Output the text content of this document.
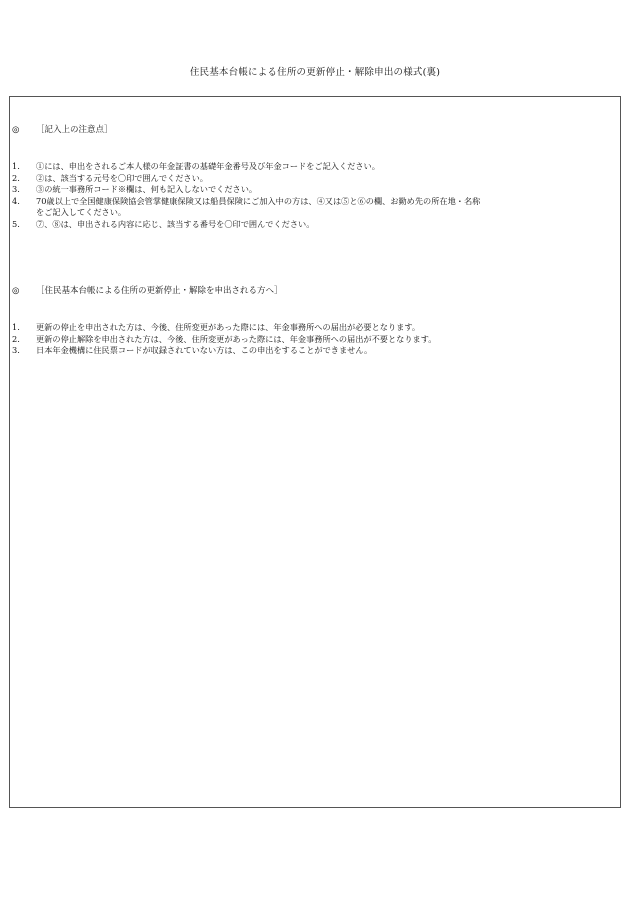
住民基本台帳による住所の更新停止・解除申出の様式(裏)
◎ ［記入上の注意点］
1.	①には、申出をされるご本人様の年金証書の基礎年金番号及び年金コードをご記入ください。
2.	②は、該当する元号を〇印で囲んでください。
3.	③の統一事務所コード※欄は、何も記入しないでください。
4.	70歳以上で全国健康保険協会管掌健康保険又は船員保険にご加入中の方は、④又は⑤と⑥の欄、お勤め先の所在地・名称
をご記入してください。
5.	⑦、⑧は、申出される内容に応じ、該当する番号を〇印で囲んでください。
◎ ［住民基本台帳による住所の更新停止・解除を申出される方へ］
1.	更新の停止を申出された方は、今後、住所変更があった際には、年金事務所への届出が必要となります。
2.	更新の停止解除を申出された方は、今後、住所変更があった際には、年金事務所への届出が不要となります。
3.	日本年金機構に住民票コードが収録されていない方は、この申出をすることができません。
